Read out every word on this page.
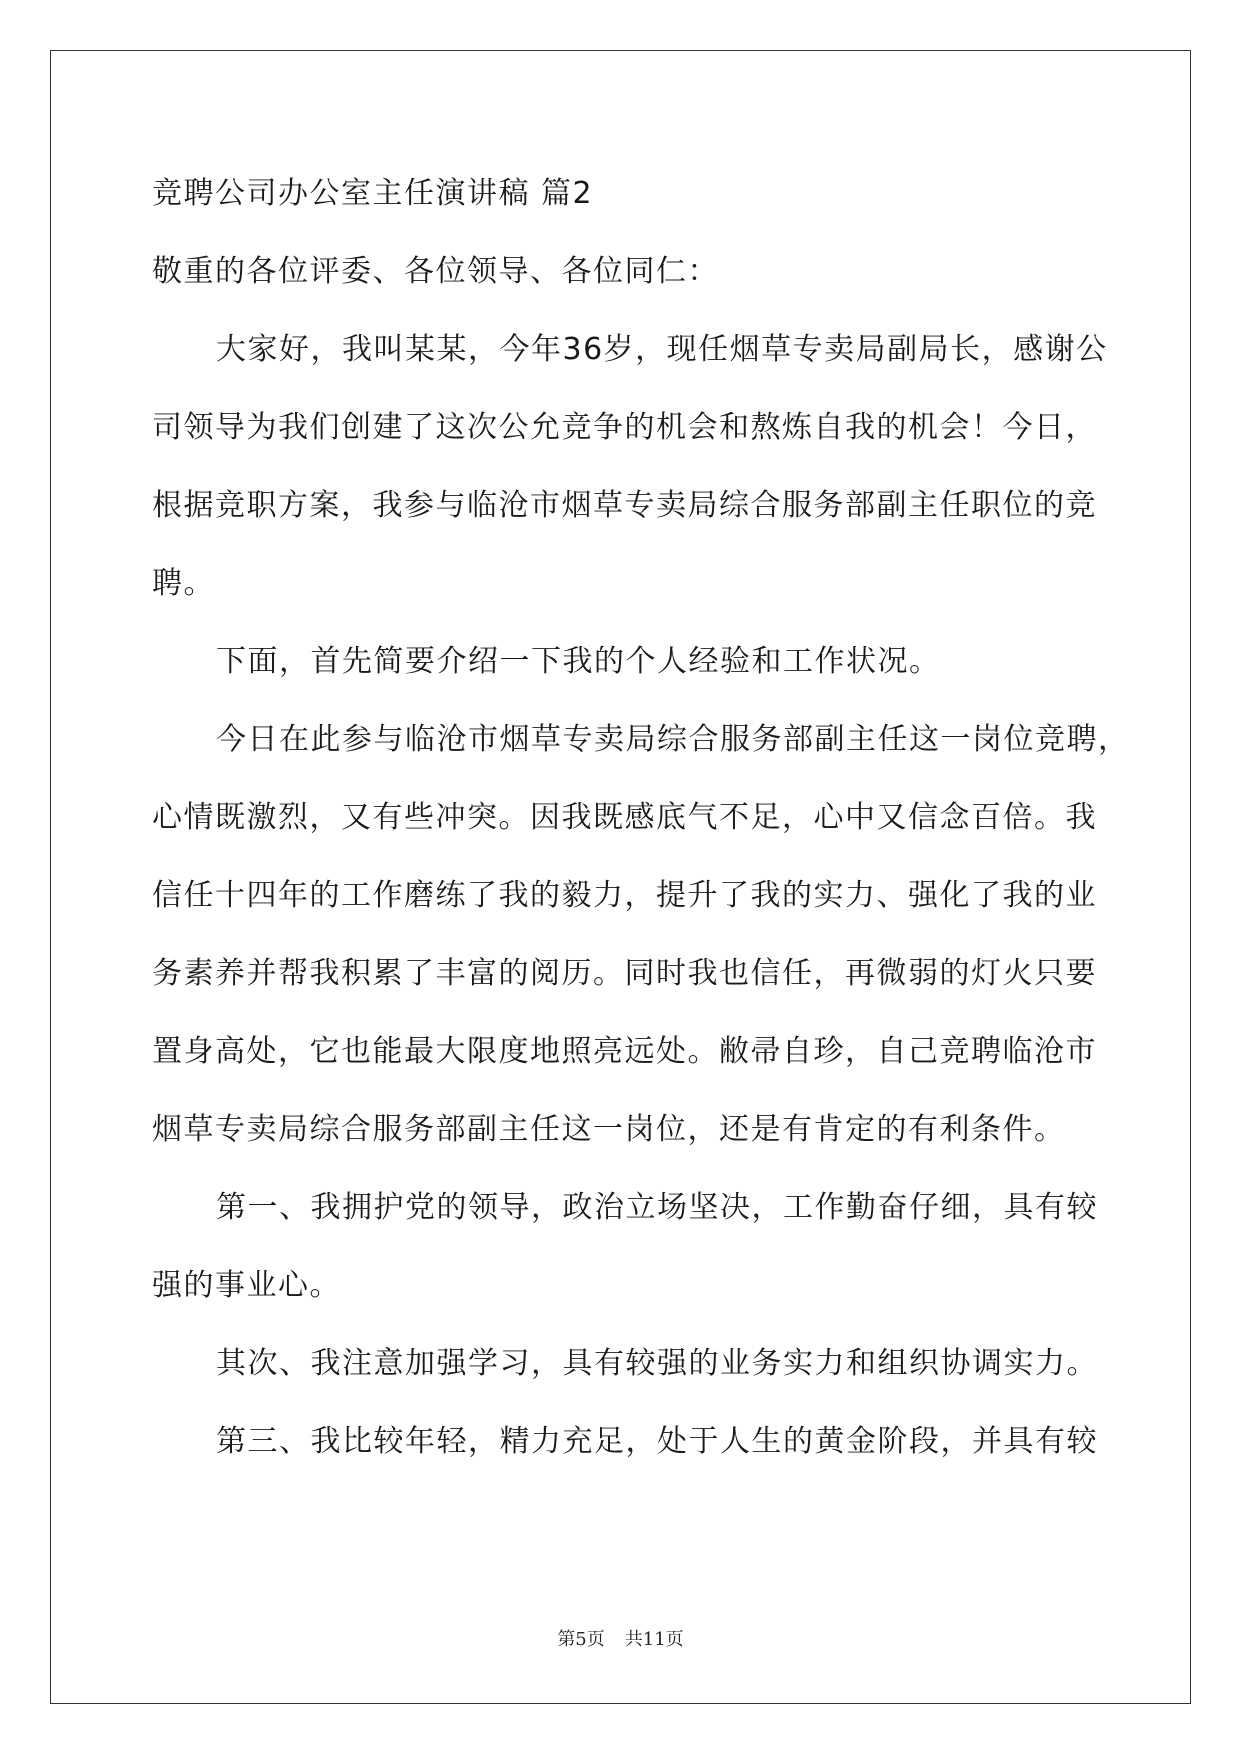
竞聘公司办公室主任演讲稿 篇2
敬重的各位评委、各位领导、各位同仁：
大家好，我叫某某，今年36岁，现任烟草专卖局副局长，感谢公
司领导为我们创建了这次公允竞争的机会和熬炼自我的机会！今日，
根据竞职方案，我参与临沧市烟草专卖局综合服务部副主任职位的竞
聘。
下面，首先简要介绍一下我的个人经验和工作状况。
今日在此参与临沧市烟草专卖局综合服务部副主任这一岗位竞聘，
心情既激烈，又有些冲突。因我既感底气不足，心中又信念百倍。我
信任十四年的工作磨练了我的毅力，提升了我的实力、强化了我的业
务素养并帮我积累了丰富的阅历。同时我也信任，再微弱的灯火只要
置身高处，它也能最大限度地照亮远处。敝帚自珍，自己竞聘临沧市
烟草专卖局综合服务部副主任这一岗位，还是有肯定的有利条件。
第一、我拥护党的领导，政治立场坚决，工作勤奋仔细，具有较
强的事业心。
其次、我注意加强学习，具有较强的业务实力和组织协调实力。
第三、我比较年轻，精力充足，处于人生的黄金阶段，并具有较
第5页 共11页
